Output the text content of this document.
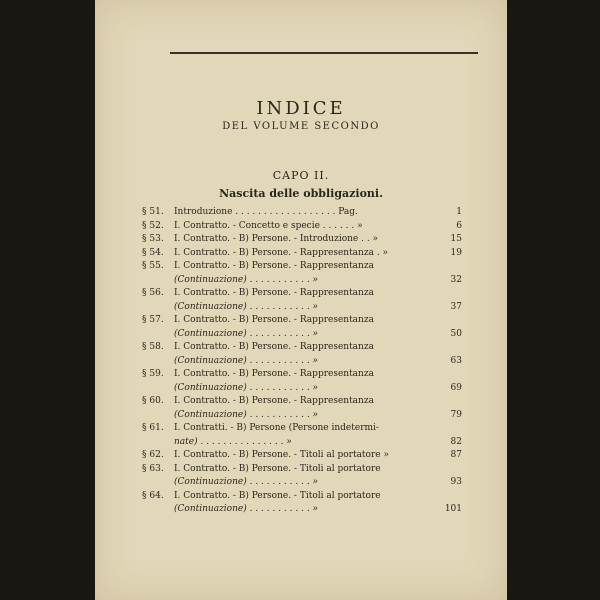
INDICE
DEL VOLUME SECONDO
CAPO II.
Nascita delle obbligazioni.
§ 51. Introduzione . . . . . . . . . . . . . . . . . . Pag.	1
§ 52. I. Contratto. - Concetto e specie . . . . . . »	6
§ 53. I. Contratto. - B) Persone. - Introduzione . . »	15
§ 54. I. Contratto. - B) Persone. - Rappresentanza . »	19
§ 55. I. Contratto. - B) Persone. - Rappresentanza
(Continuazione) . . . . . . . . . . . »	32
§ 56. I. Contratto. - B) Persone. - Rappresentanza
(Continuazione) . . . . . . . . . . . »	37
§ 57. I. Contratto. - B) Persone. - Rappresentanza
(Continuazione) . . . . . . . . . . . »	50
§ 58. I. Contratto. - B) Persone. - Rappresentanza
(Continuazione) . . . . . . . . . . . »	63
§ 59. I. Contratto. - B) Persone. - Rappresentanza
(Continuazione) . . . . . . . . . . . »	69
§ 60. I. Contratto. - B) Persone. - Rappresentanza
(Continuazione) . . . . . . . . . . . »	79
§ 61. I. Contratti. - B) Persone (Persone indetermi-
nate) . . . . . . . . . . . . . . . »	82
§ 62. I. Contratto. - B) Persone. - Titoli al portatore »	87
§ 63. I. Contratto. - B) Persone. - Titoli al portatore
(Continuazione) . . . . . . . . . . . »	93
§ 64. I. Contratto. - B) Persone. - Titoli al portatore
(Continuazione) . . . . . . . . . . . »	101
